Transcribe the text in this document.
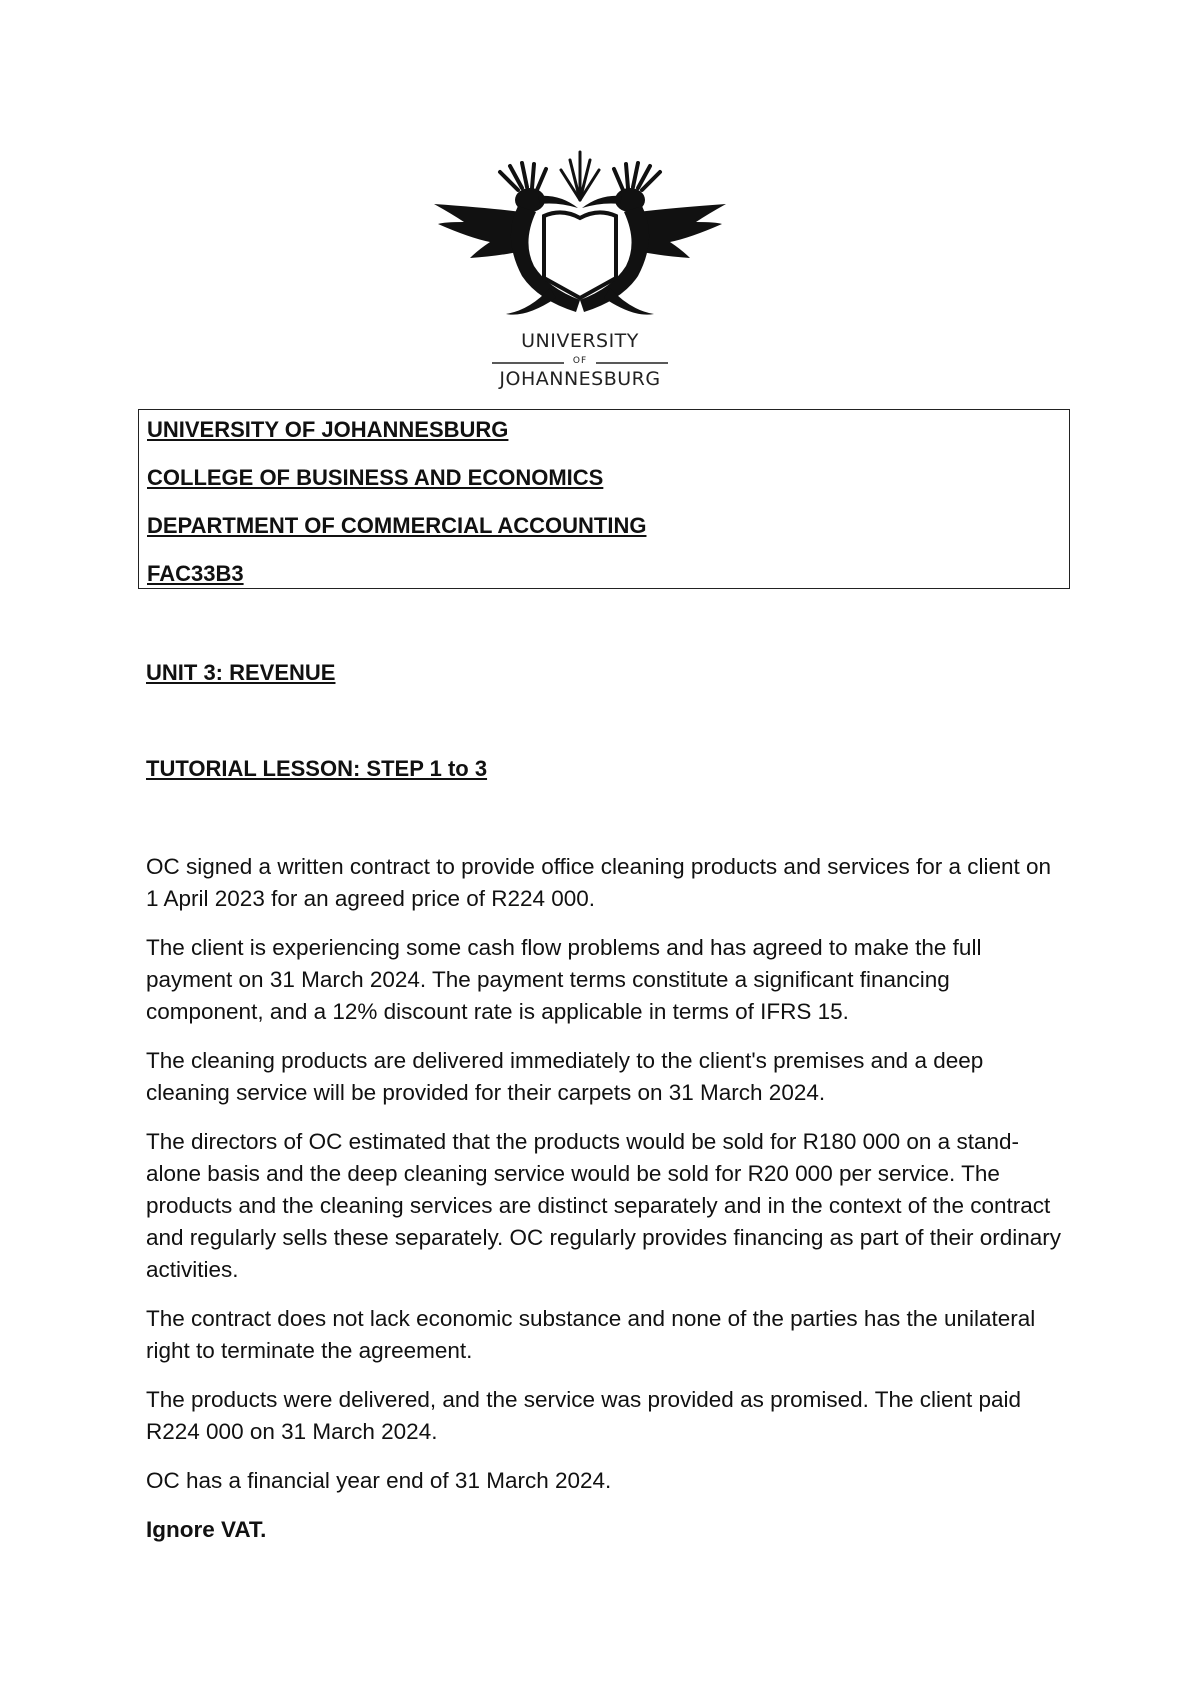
UNIVERSITY
OF
JOHANNESBURG
UNIVERSITY OF JOHANNESBURG
COLLEGE OF BUSINESS AND ECONOMICS
DEPARTMENT OF COMMERCIAL ACCOUNTING
FAC33B3
UNIT 3: REVENUE
TUTORIAL LESSON: STEP 1 to 3

OC signed a written contract to provide office cleaning products and services for a client on 1 April 2023 for an agreed price of R224 000.

The client is experiencing some cash flow problems and has agreed to make the full payment on 31 March 2024. The payment terms constitute a significant financing component, and a 12% discount rate is applicable in terms of IFRS 15.

The cleaning products are delivered immediately to the client's premises and a deep cleaning service will be provided for their carpets on 31 March 2024.

The directors of OC estimated that the products would be sold for R180 000 on a stand-alone basis and the deep cleaning service would be sold for R20 000 per service. The products and the cleaning services are distinct separately and in the context of the contract and regularly sells these separately. OC regularly provides financing as part of their ordinary activities.

The contract does not lack economic substance and none of the parties has the unilateral right to terminate the agreement.

The products were delivered, and the service was provided as promised. The client paid R224 000 on 31 March 2024.

OC has a financial year end of 31 March 2024.

Ignore VAT.
